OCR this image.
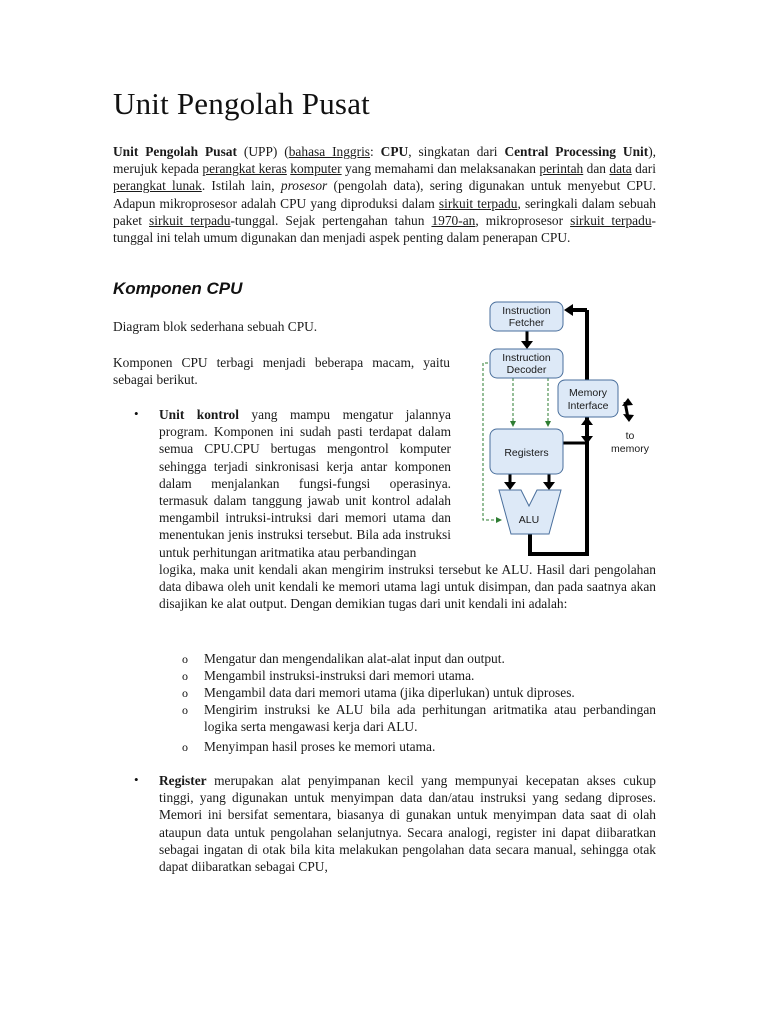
Unit Pengolah Pusat
Unit Pengolah Pusat (UPP) (bahasa Inggris: CPU, singkatan dari Central Processing Unit), merujuk kepada perangkat keras komputer yang memahami dan melaksanakan perintah dan data dari perangkat lunak. Istilah lain, prosesor (pengolah data), sering digunakan untuk menyebut CPU. Adapun mikroprosesor adalah CPU yang diproduksi dalam sirkuit terpadu, seringkali dalam sebuah paket sirkuit terpadu-tunggal. Sejak pertengahan tahun 1970-an, mikroprosesor sirkuit terpadu-tunggal ini telah umum digunakan dan menjadi aspek penting dalam penerapan CPU.
Komponen CPU
Diagram blok sederhana sebuah CPU.
Komponen CPU terbagi menjadi beberapa macam, yaitu sebagai berikut.
Instruction
Fetcher
Instruction
Decoder
Memory
Interface
Registers
ALU
to
memory
• Unit kontrol yang mampu mengatur jalannya program. Komponen ini sudah pasti terdapat dalam semua CPU.CPU bertugas mengontrol komputer sehingga terjadi sinkronisasi kerja antar komponen dalam menjalankan fungsi-fungsi operasinya. termasuk dalam tanggung jawab unit kontrol adalah mengambil intruksi-intruksi dari memori utama dan menentukan jenis instruksi tersebut. Bila ada instruksi untuk perhitungan aritmatika atau perbandingan
logika, maka unit kendali akan mengirim instruksi tersebut ke ALU. Hasil dari pengolahan data dibawa oleh unit kendali ke memori utama lagi untuk disimpan, dan pada saatnya akan disajikan ke alat output. Dengan demikian tugas dari unit kendali ini adalah:
o Mengatur dan mengendalikan alat-alat input dan output.
o Mengambil instruksi-instruksi dari memori utama.
o Mengambil data dari memori utama (jika diperlukan) untuk diproses.
o Mengirim instruksi ke ALU bila ada perhitungan aritmatika atau perbandingan logika serta mengawasi kerja dari ALU.
o Menyimpan hasil proses ke memori utama.
• Register merupakan alat penyimpanan kecil yang mempunyai kecepatan akses cukup tinggi, yang digunakan untuk menyimpan data dan/atau instruksi yang sedang diproses. Memori ini bersifat sementara, biasanya di gunakan untuk menyimpan data saat di olah ataupun data untuk pengolahan selanjutnya. Secara analogi, register ini dapat diibaratkan sebagai ingatan di otak bila kita melakukan pengolahan data secara manual, sehingga otak dapat diibaratkan sebagai CPU,
